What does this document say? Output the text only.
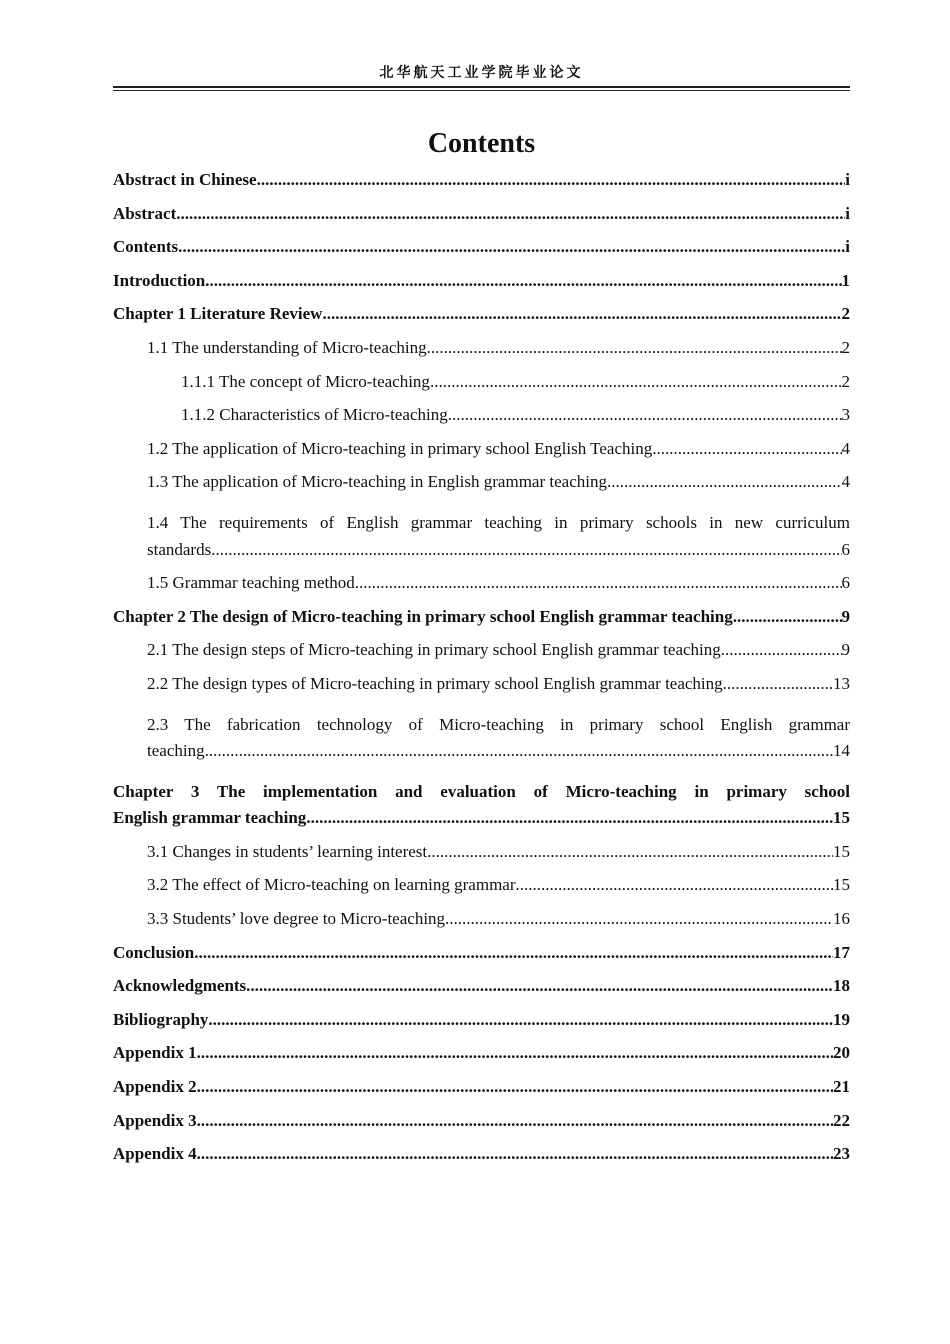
北华航天工业学院毕业论文
Contents
Abstract in Chinese .....	i
Abstract .....	i
Contents .....	i
Introduction .....	1
Chapter 1 Literature Review .....	2
1.1 The understanding of Micro-teaching .....	2
1.1.1 The concept of Micro-teaching .....	2
1.1.2 Characteristics of Micro-teaching .....	3
1.2 The application of Micro-teaching in primary school English Teaching .....	4
1.3 The application of Micro-teaching in English grammar teaching .....	4
1.4 The requirements of English grammar teaching in primary schools in new curriculum
standards .....	6
1.5 Grammar teaching method .....	6
Chapter 2 The design of Micro-teaching in primary school English grammar teaching .....	9
2.1 The design steps of Micro-teaching in primary school English grammar teaching .....	9
2.2 The design types of Micro-teaching in primary school English grammar teaching .....	13
2.3 The fabrication technology of Micro-teaching in primary school English grammar
teaching .....	14
Chapter 3 The implementation and evaluation of Micro-teaching in primary school
English grammar teaching .....	15
3.1 Changes in students’ learning interest .....	15
3.2 The effect of Micro-teaching on learning grammar .....	15
3.3 Students’ love degree to Micro-teaching .....	16
Conclusion .....	17
Acknowledgments .....	18
Bibliography .....	19
Appendix 1 .....	20
Appendix 2 .....	21
Appendix 3 .....	22
Appendix 4 .....	23
